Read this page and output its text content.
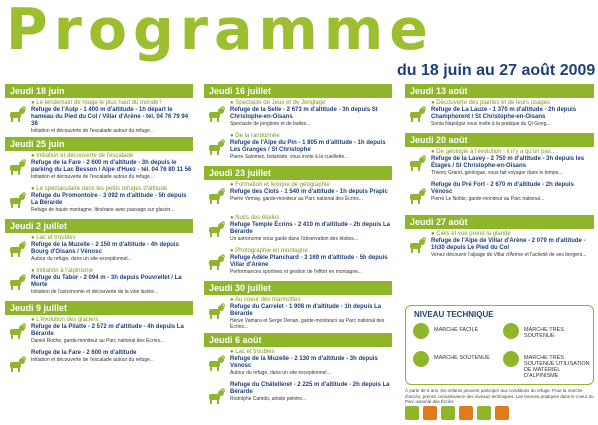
Programme
du 18 juin au 27 août 2009
Jeudi 18 juin
● Le lendemain de rouge le plus haut du monde !
Refuge de l'Aulp - 1 400 m d'altitude - 1h départ le hameau du Pied du Col / Villar d'Arène - tél. 04 76 79 94 38
Initiation et découverte de l'escalade autour du refuge...
Jeudi 25 juin
● Initiation et découverte de l'escalade
Refuge de la Fare - 2 600 m d'altitude - 3h depuis le parking du Lac Besson / Alpe d'Huez - tél. 04 76 80 11 56
Initiation et découverte de l'escalade autour du refuge...
● Le spectaculaire dans les petits refuges d'altitude
Refuge du Promontoire - 3 092 m d'altitude - 5h depuis La Bérarde
Refuge de haute montagne. Itinéraire avec passage sur glacier...
Jeudi 2 juillet
● Lac et troubles
Refuge de la Muzelle - 2 150 m d'altitude - 4h depuis Bourg d'Oisans / Vénosc
Autour du refuge, dans un site exceptionnel...
● Initiation à l'alpinisme
Refuge du Tabor - 2 094 m - 3h depuis Pouvrellet / La Morte
Initiation de l'astronomie et découverte de la voie lactée...
Jeudi 9 juillet
● L'évolution des glaciers
Refuge de la Pilatte - 2 572 m d'altitude - 4h depuis La Bérarde
Daniel Roche, garde-moniteur au Parc national des Écrins...
Refuge de la Fare - 2 600 m d'altitude
Initiation et découverte de l'escalade autour du refuge...
Jeudi 16 juillet
● Spectacle de Jeux et de Jonglage
Refuge de la Selle - 2 673 m d'altitude - 3h depuis St Christophe-en-Oisans
Spectacle de jonglerie et de balles...
● De la randonnée
Refuge de l'Alpe du Pin - 1 805 m d'altitude - 1h depuis Les Granges / St Christophe
Pierre Salomez, botaniste, vous invite à la cueillette...
Jeudi 23 juillet
● Formation et lexique de géographie
Refuge des Clots - 1 540 m d'altitude - 1h depuis Prapic
Pierre Vernay, garde-moniteur au Parc national des Écrins...
● Nuits des étoiles
Refuge Temple Écrins - 2 410 m d'altitude - 2h depuis La Bérarde
Un astronome vous guide dans l'observation des étoiles...
● Photographie en montagne
Refuge Adèle Planchard - 3 169 m d'altitude - 5h depuis Villar d'Arène
Performances sportives et gestion de l'effort en montagne...
Jeudi 30 juillet
● Au coeur des marmottes
Refuge du Carrelet - 1 908 m d'altitude - 1h depuis La Bérarde
Hervé Vamara et Serge Denan, garde-moniteurs au Parc national des Écrins...
Jeudi 6 août
● Lac et troubles
Refuge de la Muzelle - 2 130 m d'altitude - 3h depuis Vénosc
Autour du refuge, dans un site exceptionnel...
Refuge du Châtelleret - 2 225 m d'altitude - 2h depuis La Bérarde
Rodolphe Camdo, artiste peintre...
Jeudi 13 août
● Découverte des plantes et de leurs usages
Refuge de La Lauze - 1 370 m d'altitude - 2h depuis Champhorent / St Christophe-en-Oisans
Sonia Napolgar vous invite à la pratique du Qi Gong...
Jeudi 20 août
● De géologie à l'évolution : il n'y a qu'un pas...
Refuge de la Lavey - 2 750 m d'altitude - 3h depuis les Étages / St Christophe-en-Oisans
Thierry Grand, géologue, vous fait voyager dans le temps...
Refuge du Pré Fort - 2 670 m d'altitude - 2h depuis Vénosc
Pierre Le Noble, garde-moniteur au Parc national...
Jeudi 27 août
● Ciels et vue prend la glande
Refuge de l'Alpe de Villar d'Arène - 2 079 m d'altitude - 1h30 depuis Le Pied du Col
Venez découvrir l'alpage de Villar d'Arène et l'activité de ses bergers...
NIVEAU TECHNIQUE
MARCHE FACILE	MARCHE TRÈS SOUTENUE
MARCHE SOUTENUE	MARCHE TRÈS SOUTENUE UTILISATION DE MATÉRIEL D'ALPINISME
À partir de 8 ans, les enfants peuvent participer aux conditions du refuge. Pour la marche d'accès, prenez connaissance des niveaux techniques. Les bonnes pratiques dans le coeur du Parc national des Écrins
